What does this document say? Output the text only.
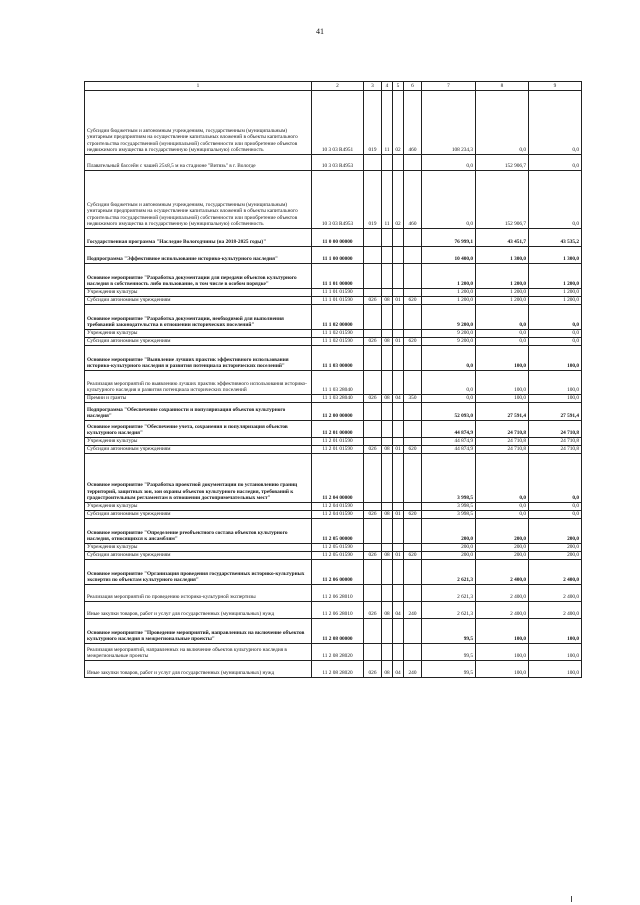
41
1	2	3	4	5	6	7	8	9
Субсидии бюджетным и автономным учреждениям, государственным (муниципальным) унитарным предприятиям на осуществление капитальных вложений в объекты капитального строительства государственной (муниципальной) собственности или приобретение объектов недвижимого имущества в государственную (муниципальную) собственность	10 3 03 R4951	019	11	02	460	108 234,3	0,0	0,0
Плавательный бассейн с чашей 25х8,5 м на стадионе "Витязь" в г. Вологде	10 3 03 R4953					0,0	152 906,7	0,0
Субсидии бюджетным и автономным учреждениям, государственным (муниципальным) унитарным предприятиям на осуществление капитальных вложений в объекты капитального строительства государственной (муниципальной) собственности или приобретение объектов недвижимого имущества в государственную (муниципальную) собственность	10 3 03 R4953	019	11	02	460	0,0	152 906,7	0,0
Государственная программа "Наследие Вологодчины (на 2018-2025 годы)"	11 0 00 00000					76 999,1	43 451,7	43 535,2
Подпрограмма "Эффективное использование историко-культурного наследия"	11 1 00 00000					10 400,0	1 300,0	1 300,0
Основное мероприятие "Разработка документации для передачи объектов культурного наследия в собственность либо пользование, в том числе в особом порядке"	11 1 01 00000					1 200,0	1 200,0	1 200,0
Учреждения культуры	11 1 01 01590					1 200,0	1 200,0	1 200,0
Субсидии автономным учреждениям	11 1 01 01590	026	08	01	620	1 200,0	1 200,0	1 200,0
Основное мероприятие "Разработка документации, необходимой для выполнения требований законодательства в отношении исторических поселений"	11 1 02 00000					9 200,0	0,0	0,0
Учреждения культуры	11 1 02 01590					9 200,0	0,0	0,0
Субсидии автономным учреждениям	11 1 02 01590	026	08	01	620	9 200,0	0,0	0,0
Основное мероприятие "Выявление лучших практик эффективного использования историко-культурного наследия и развития потенциала исторических поселений"	11 1 03 00000					0,0	100,0	100,0
Реализация мероприятий по выявлению лучших практик эффективного использования историко-культурного наследия и развития потенциала исторических поселений	11 1 03 28040					0,0	100,0	100,0
Премии и гранты	11 1 03 28040	026	08	04	350	0,0	100,0	100,0
Подпрограмма "Обеспечение сохранности и популяризация объектов культурного наследия"	11 2 00 00000					52 093,0	27 591,4	27 591,4
Основное мероприятие "Обеспечение учета, сохранения и популяризация объектов культурного наследия"	11 2 01 00000					44 874,9	24 710,8	24 710,8
Учреждения культуры	11 2 01 01590					44 874,9	24 710,8	24 710,8
Субсидии автономным учреждениям	11 2 01 01590	026	08	01	620	44 874,9	24 710,8	24 710,8
Основное мероприятие "Разработка проектной документации по установлению границ территорий, защитных зон, зон охраны объектов культурного наследия, требований к градостроительным регламентам в отношении достопримечательных мест"	11 2 04 00000					3 998,5	0,0	0,0
Учреждения культуры	11 2 04 01590					3 998,5	0,0	0,0
Субсидии автономным учреждениям	11 2 04 01590	026	08	01	620	3 998,5	0,0	0,0
Основное мероприятие "Определение preобъектного состава объектов культурного наследия, относящихся к ансамблям"	11 2 05 00000					200,0	200,0	200,0
Учреждения культуры	11 2 05 01590					200,0	200,0	200,0
Субсидии автономным учреждениям	11 2 05 01590	026	08	01	620	200,0	200,0	200,0
Основное мероприятие "Организация проведения государственных историко-культурных экспертиз по объектам культурного наследия"	11 2 06 00000					2 621,3	2 400,0	2 400,0
Реализация мероприятий по проведению историко-культурной экспертизы	11 2 06 28010					2 621,3	2 400,0	2 400,0
Иные закупки товаров, работ и услуг для государственных (муниципальных) нужд	11 2 06 28010	026	08	04	240	2 621,3	2 400,0	2 400,0
Основное мероприятие "Проведение мероприятий, направленных на включение объектов культурного наследия в межрегиональные проекты"	11 2 08 00000					99,5	100,0	100,0
Реализация мероприятий, направленных на включение объектов культурного наследия в межрегиональные проекты	11 2 08 28020					99,5	100,0	100,0
Иные закупки товаров, работ и услуг для государственных (муниципальных) нужд	11 2 08 28020	026	08	04	240	99,5	100,0	100,0
